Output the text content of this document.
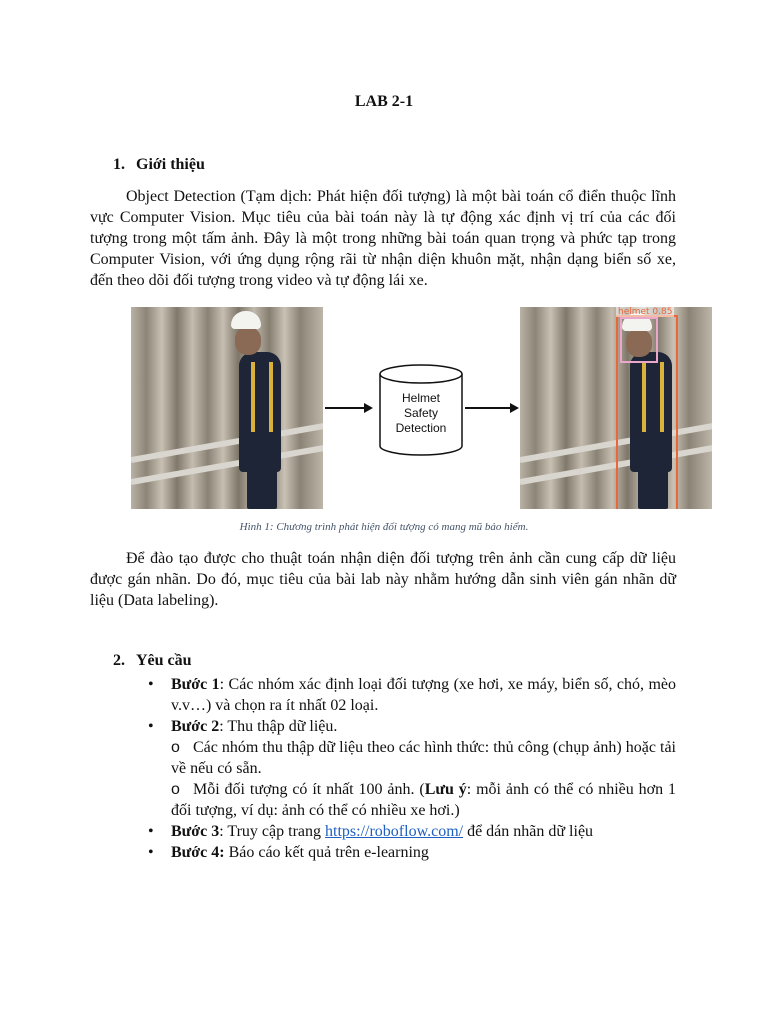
LAB 2-1
1. Giới thiệu
Object Detection (Tạm dịch: Phát hiện đối tượng) là một bài toán cổ điển thuộc lĩnh vực Computer Vision. Mục tiêu của bài toán này là tự động xác định vị trí của các đối tượng trong một tấm ảnh. Đây là một trong những bài toán quan trọng và phức tạp trong Computer Vision, với ứng dụng rộng rãi từ nhận diện khuôn mặt, nhận dạng biển số xe, đến theo dõi đối tượng trong video và tự động lái xe.
Helmet
Safety
Detection
helmet 0.85
Hình 1: Chương trình phát hiện đối tượng có mang mũ bảo hiểm.
Để đào tạo được cho thuật toán nhận diện đối tượng trên ảnh cần cung cấp dữ liệu được gán nhãn. Do đó, mục tiêu của bài lab này nhằm hướng dẫn sinh viên gán nhãn dữ liệu (Data labeling).
2. Yêu cầu
• Bước 1: Các nhóm xác định loại đối tượng (xe hơi, xe máy, biển số, chó, mèo v.v…) và chọn ra ít nhất 02 loại.
• Bước 2: Thu thập dữ liệu.
o Các nhóm thu thập dữ liệu theo các hình thức: thủ công (chụp ảnh) hoặc tải về nếu có sẵn.
o Mỗi đối tượng có ít nhất 100 ảnh. (Lưu ý: mỗi ảnh có thể có nhiều hơn 1 đối tượng, ví dụ: ảnh có thể có nhiều xe hơi.)
• Bước 3: Truy cập trang https://roboflow.com/ để dán nhãn dữ liệu
• Bước 4: Báo cáo kết quả trên e-learning
